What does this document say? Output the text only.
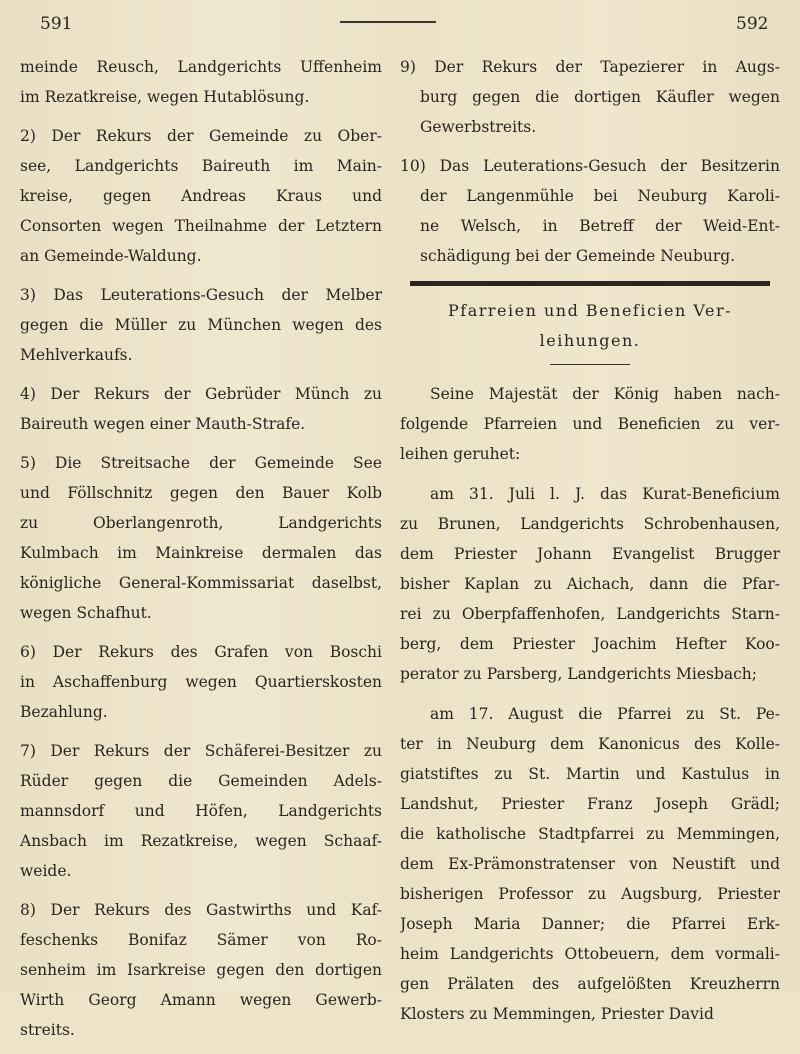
591	592
meinde Reusch, Landgerichts Uffenheim
im Rezatkreise, wegen Hutablösung.
2) Der Rekurs der Gemeinde zu Ober-
see, Landgerichts Baireuth im Main-
kreise, gegen Andreas Kraus und
Consorten wegen Theilnahme der Letztern
an Gemeinde-Waldung.
3) Das Leuterations-Gesuch der Melber
gegen die Müller zu München wegen des
Mehlverkaufs.
4) Der Rekurs der Gebrüder Münch zu
Baireuth wegen einer Mauth-Strafe.
5) Die Streitsache der Gemeinde See
und Föllschnitz gegen den Bauer Kolb
zu Oberlangenroth, Landgerichts
Kulmbach im Mainkreise dermalen das
königliche General-Kommissariat daselbst,
wegen Schafhut.
6) Der Rekurs des Grafen von Boschi
in Aschaffenburg wegen Quartierskosten
Bezahlung.
7) Der Rekurs der Schäferei-Besitzer zu
Rüder gegen die Gemeinden Adels-
mannsdorf und Höfen, Landgerichts
Ansbach im Rezatkreise, wegen Schaaf-
weide.
8) Der Rekurs des Gastwirths und Kaf-
feschenks Bonifaz Sämer von Ro-
senheim im Isarkreise gegen den dortigen
Wirth Georg Amann wegen Gewerb-
streits.
9) Der Rekurs der Tapezierer in Augs-
burg gegen die dortigen Käufler wegen
Gewerbstreits.
10) Das Leuterations-Gesuch der Besitzerin
der Langenmühle bei Neuburg Karoli-
ne Welsch, in Betreff der Weid-Ent-
schädigung bei der Gemeinde Neuburg.
Pfarreien und Beneficien Ver-
leihungen.
Seine Majestät der König haben nach-
folgende Pfarreien und Beneficien zu ver-
leihen geruhet:
am 31. Juli l. J. das Kurat-Beneficium
zu Brunen, Landgerichts Schrobenhausen,
dem Priester Johann Evangelist Brugger
bisher Kaplan zu Aichach, dann die Pfar-
rei zu Oberpfaffenhofen, Landgerichts Starn-
berg, dem Priester Joachim Hefter Koo-
perator zu Parsberg, Landgerichts Miesbach;
am 17. August die Pfarrei zu St. Pe-
ter in Neuburg dem Kanonicus des Kolle-
giatstiftes zu St. Martin und Kastulus in
Landshut, Priester Franz Joseph Grädl;
die katholische Stadtpfarrei zu Memmingen,
dem Ex-Prämonstratenser von Neustift und
bisherigen Professor zu Augsburg, Priester
Joseph Maria Danner; die Pfarrei Erk-
heim Landgerichts Ottobeuern, dem vormali-
gen Prälaten des aufgelößten Kreuzherrn
Klosters zu Memmingen, Priester David
